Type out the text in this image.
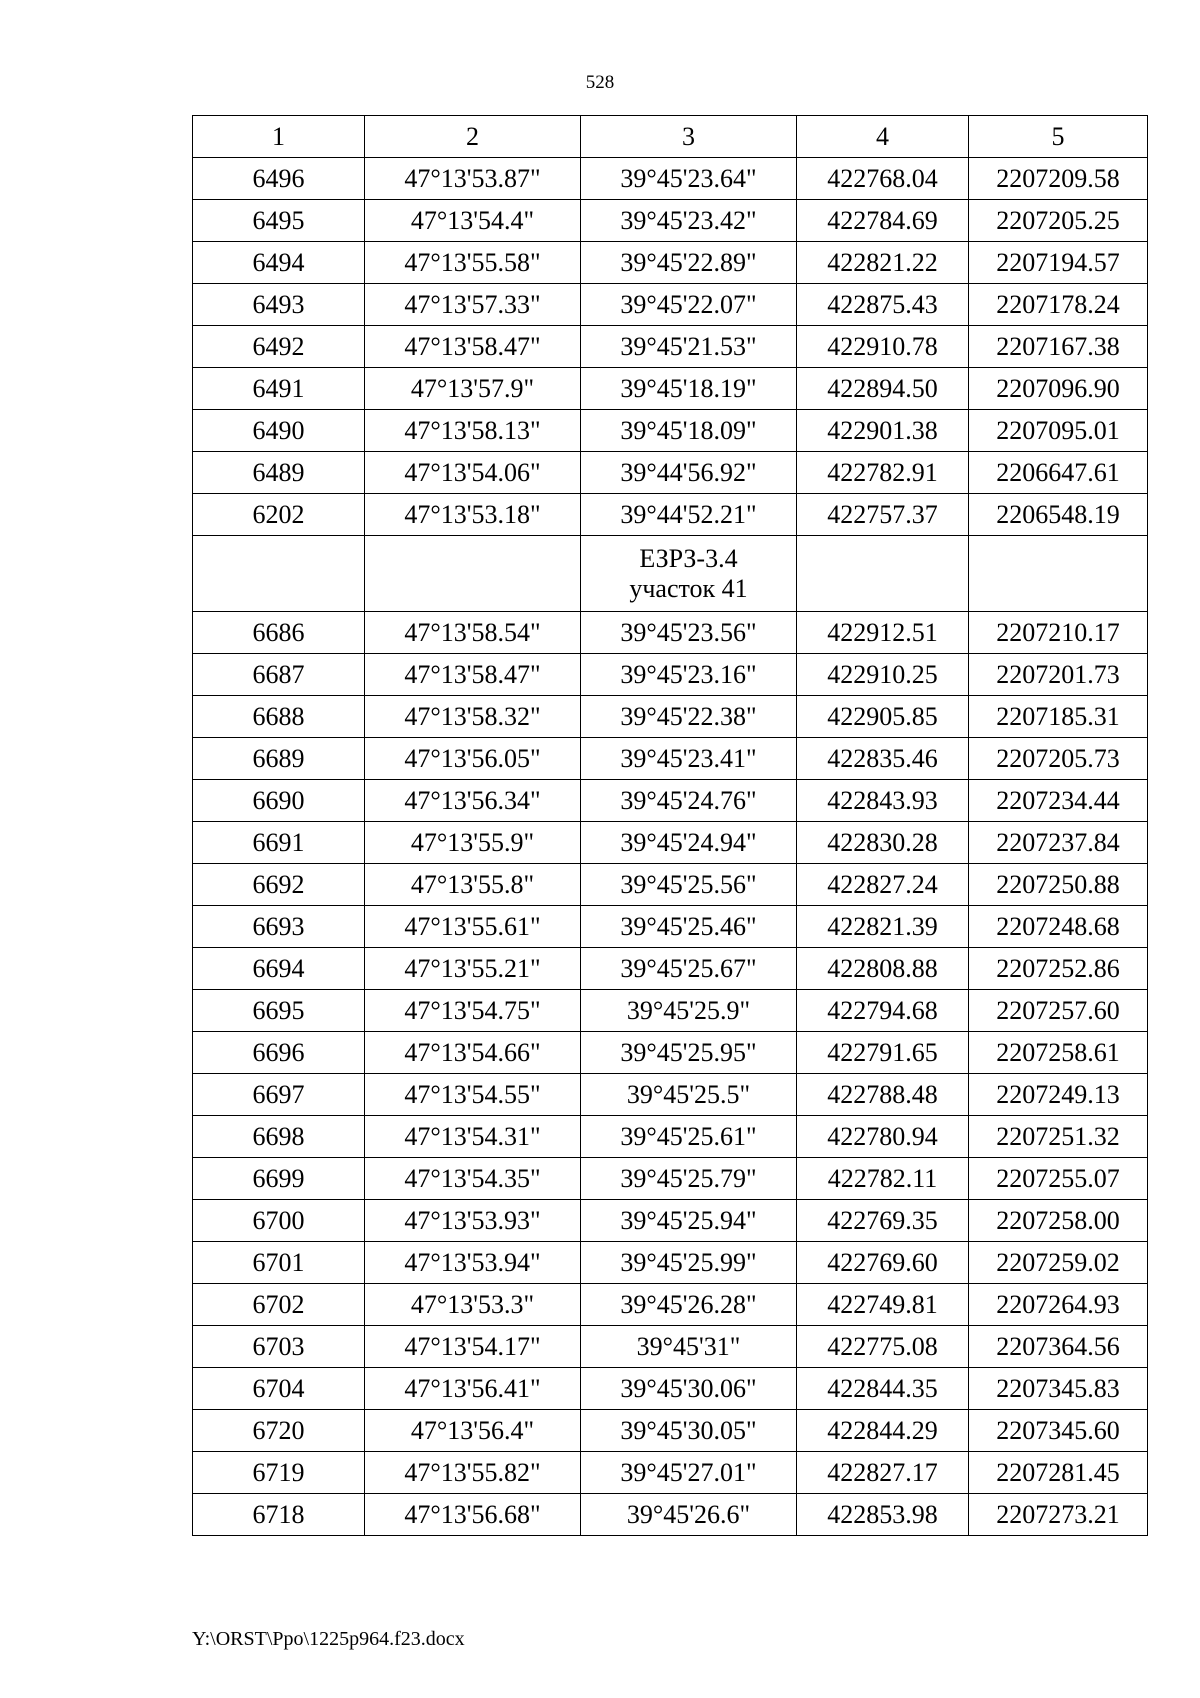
528
1	2	3	4	5
6496	47°13'53.87"	39°45'23.64"	422768.04	2207209.58
6495	47°13'54.4"	39°45'23.42"	422784.69	2207205.25
6494	47°13'55.58"	39°45'22.89"	422821.22	2207194.57
6493	47°13'57.33"	39°45'22.07"	422875.43	2207178.24
6492	47°13'58.47"	39°45'21.53"	422910.78	2207167.38
6491	47°13'57.9"	39°45'18.19"	422894.50	2207096.90
6490	47°13'58.13"	39°45'18.09"	422901.38	2207095.01
6489	47°13'54.06"	39°44'56.92"	422782.91	2206647.61
6202	47°13'53.18"	39°44'52.21"	422757.37	2206548.19

		ЕЗРЗ-3.4
участок 41		

6686	47°13'58.54"	39°45'23.56"	422912.51	2207210.17
6687	47°13'58.47"	39°45'23.16"	422910.25	2207201.73
6688	47°13'58.32"	39°45'22.38"	422905.85	2207185.31
6689	47°13'56.05"	39°45'23.41"	422835.46	2207205.73
6690	47°13'56.34"	39°45'24.76"	422843.93	2207234.44
6691	47°13'55.9"	39°45'24.94"	422830.28	2207237.84
6692	47°13'55.8"	39°45'25.56"	422827.24	2207250.88
6693	47°13'55.61"	39°45'25.46"	422821.39	2207248.68
6694	47°13'55.21"	39°45'25.67"	422808.88	2207252.86
6695	47°13'54.75"	39°45'25.9"	422794.68	2207257.60
6696	47°13'54.66"	39°45'25.95"	422791.65	2207258.61
6697	47°13'54.55"	39°45'25.5"	422788.48	2207249.13
6698	47°13'54.31"	39°45'25.61"	422780.94	2207251.32
6699	47°13'54.35"	39°45'25.79"	422782.11	2207255.07
6700	47°13'53.93"	39°45'25.94"	422769.35	2207258.00
6701	47°13'53.94"	39°45'25.99"	422769.60	2207259.02
6702	47°13'53.3"	39°45'26.28"	422749.81	2207264.93
6703	47°13'54.17"	39°45'31"	422775.08	2207364.56
6704	47°13'56.41"	39°45'30.06"	422844.35	2207345.83
6720	47°13'56.4"	39°45'30.05"	422844.29	2207345.60
6719	47°13'55.82"	39°45'27.01"	422827.17	2207281.45
6718	47°13'56.68"	39°45'26.6"	422853.98	2207273.21
Y:\ORST\Ppo\1225p964.f23.docx
